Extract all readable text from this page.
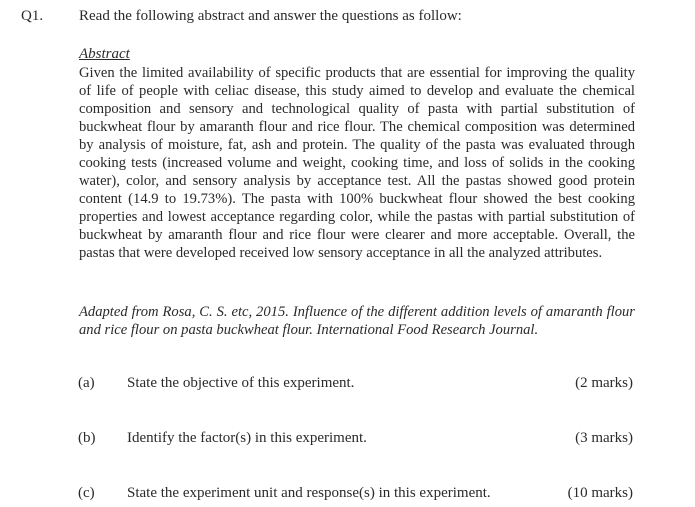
Q1. Read the following abstract and answer the questions as follow:
Abstract

Given the limited availability of specific products that are essential for improving the quality of life of people with celiac disease, this study aimed to develop and evaluate the chemical composition and sensory and technological quality of pasta with partial substitution of buckwheat flour by amaranth flour and rice flour. The chemical composition was determined by analysis of moisture, fat, ash and protein. The quality of the pasta was evaluated through cooking tests (increased volume and weight, cooking time, and loss of solids in the cooking water), color, and sensory analysis by acceptance test. All the pastas showed good protein content (14.9 to 19.73%). The pasta with 100% buckwheat flour showed the best cooking properties and lowest acceptance regarding color, while the pastas with partial substitution of buckwheat by amaranth flour and rice flour were clearer and more acceptable. Overall, the pastas that were developed received low sensory acceptance in all the analyzed attributes.

Adapted from Rosa, C. S. etc, 2015. Influence of the different addition levels of amaranth flour and rice flour on pasta buckwheat flour. International Food Research Journal.

(a) State the objective of this experiment.	(2 marks)
(b) Identify the factor(s) in this experiment.	(3 marks)
(c) State the experiment unit and response(s) in this experiment.	(10 marks)
